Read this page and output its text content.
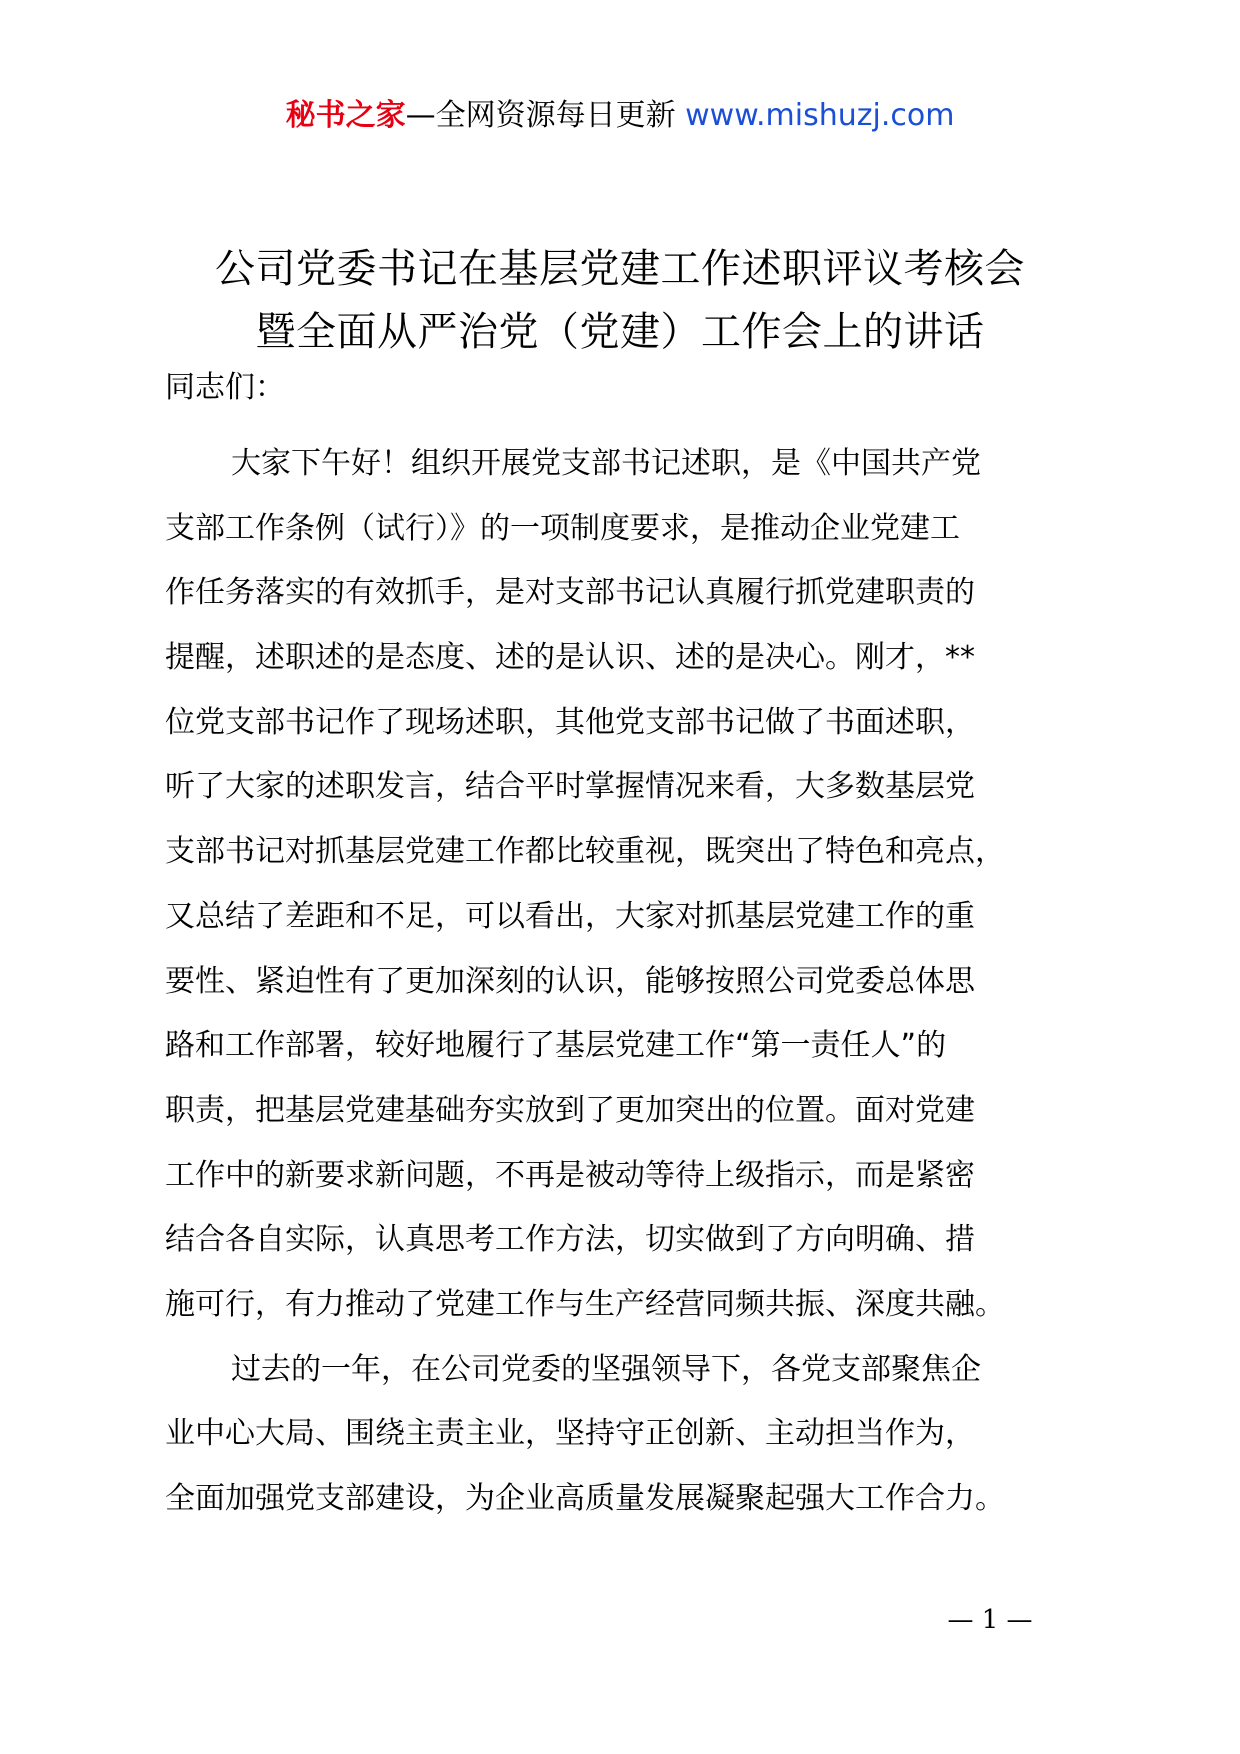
秘书之家—全网资源每日更新 www.mishuzj.com
公司党委书记在基层党建工作述职评议考核会
暨全面从严治党（党建）工作会上的讲话
同志们：
大家下午好！组织开展党支部书记述职，是《中国共产党
支部工作条例（试行）》的一项制度要求，是推动企业党建工
作任务落实的有效抓手，是对支部书记认真履行抓党建职责的
提醒，述职述的是态度、述的是认识、述的是决心。刚才，**
位党支部书记作了现场述职，其他党支部书记做了书面述职，
听了大家的述职发言，结合平时掌握情况来看，大多数基层党
支部书记对抓基层党建工作都比较重视，既突出了特色和亮点，
又总结了差距和不足，可以看出，大家对抓基层党建工作的重
要性、紧迫性有了更加深刻的认识，能够按照公司党委总体思
路和工作部署，较好地履行了基层党建工作“第一责任人”的
职责，把基层党建基础夯实放到了更加突出的位置。面对党建
工作中的新要求新问题，不再是被动等待上级指示，而是紧密
结合各自实际，认真思考工作方法，切实做到了方向明确、措
施可行，有力推动了党建工作与生产经营同频共振、深度共融。
过去的一年，在公司党委的坚强领导下，各党支部聚焦企
业中心大局、围绕主责主业，坚持守正创新、主动担当作为，
全面加强党支部建设，为企业高质量发展凝聚起强大工作合力。
— 1 —
